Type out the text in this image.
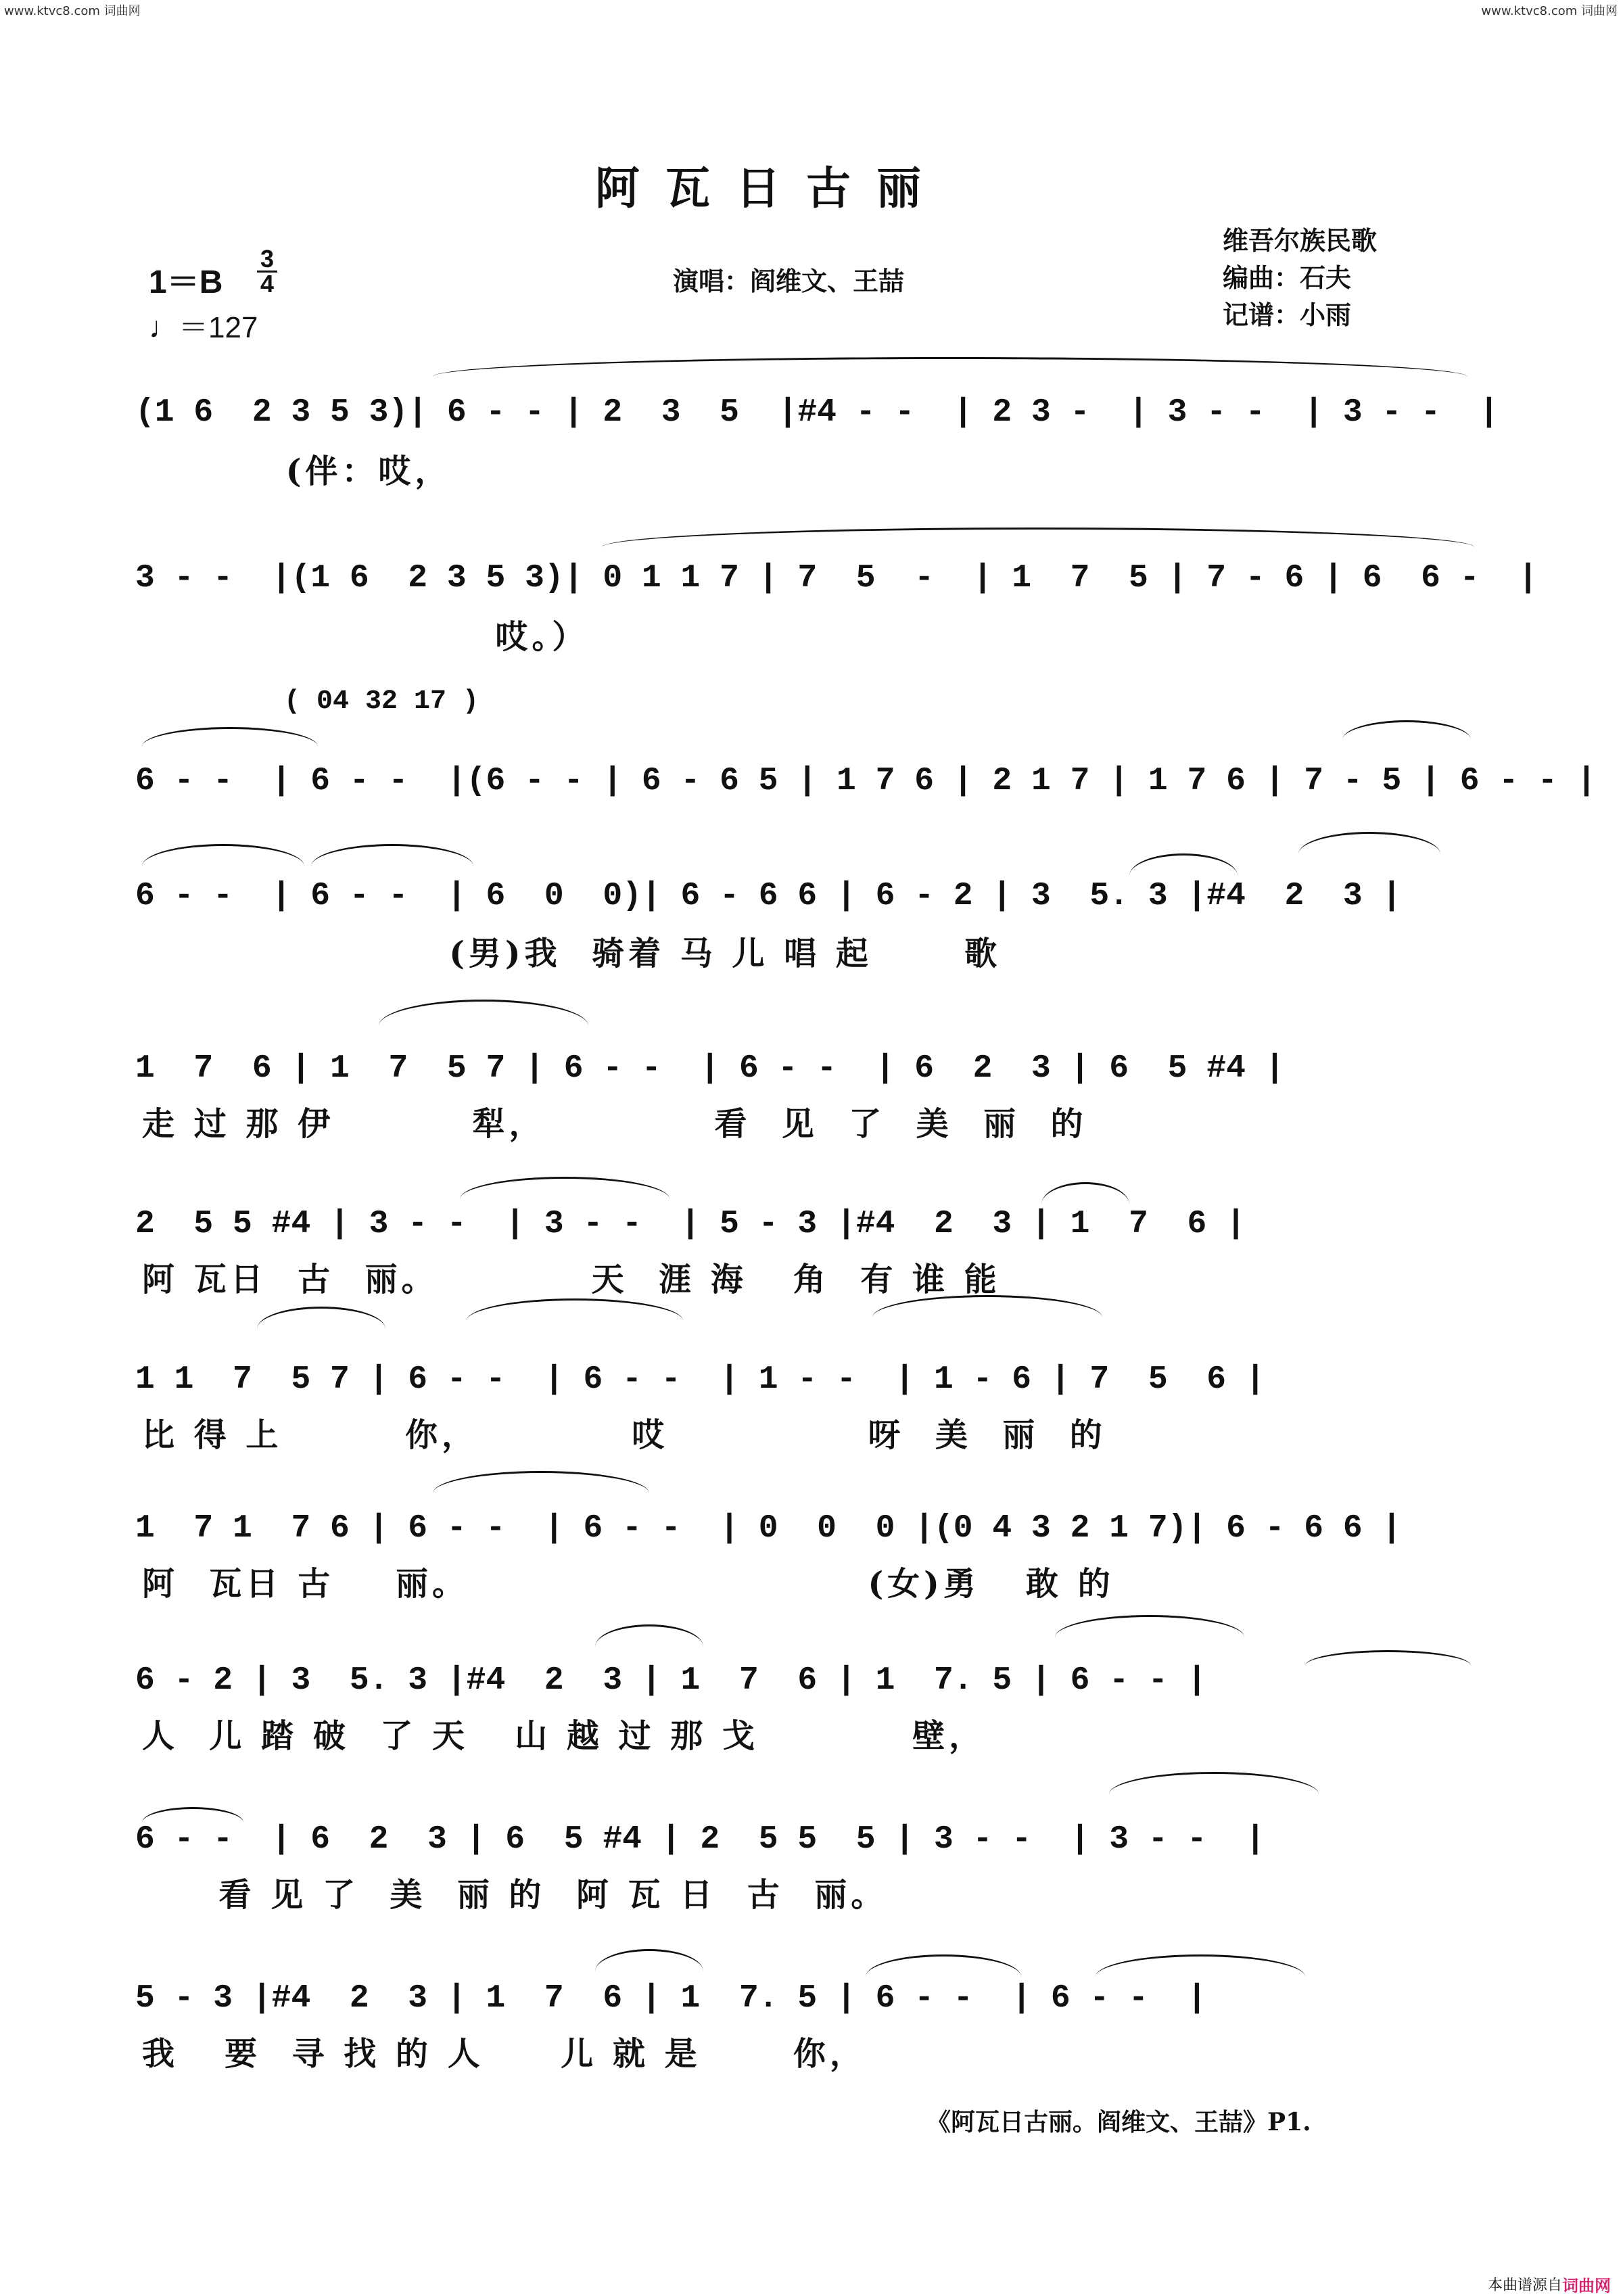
www.ktvc8.com 词曲网	www.ktvc8.com 词曲网
阿瓦日古丽
维吾尔族民歌
编曲：石夫
记谱：小雨
演唱：阎维文、王喆
1＝B
3
4
♩＝127
(1 6  2 3 5 3)| 6 - - | 2  3  5  |#4 - -  | 2 3 -  | 3 - -  | 3 - -  |
(伴：哎，
3 - -  |(1 6  2 3 5 3)| 0 1 1 7 | 7  5  -  | 1  7  5 | 7 - 6 | 6  6 -  |
哎。）
( 04 32 17 )
6 - -  | 6 - -  |(6 - - | 6 - 6 5 | 1 7 6 | 2 1 7 | 1 7 6 | 7 - 5 | 6 - - |
6 - -  | 6 - -  | 6  0  0)| 6 - 6 6 | 6 - 2 | 3  5. 3 |#4  2  3 |
(男)我  骑着 马 儿 唱 起      歌
1  7  6 | 1  7  5 7 | 6 - -  | 6 - -  | 6  2  3 | 6  5 #4 |
走 过 那 伊         犁，           看  见  了  美  丽  的
2  5 5 #4 | 3 - -  | 3 - -  | 5 - 3 |#4  2  3 | 1  7  6 |
阿 瓦日  古  丽。          天  涯 海   角  有 谁 能
1 1  7  5 7 | 6 - -  | 6 - -  | 1 - -  | 1 - 6 | 7  5  6 |
比 得 上        你，          哎             呀  美  丽  的
1  7 1  7 6 | 6 - -  | 6 - -  | 0  0  0 |(0 4 3 2 1 7)| 6 - 6 6 |
阿  瓦日 古    丽。                          (女)勇   敢 的
6 - 2 | 3  5. 3 |#4  2  3 | 1  7  6 | 1  7. 5 | 6 - - |
人  儿 踏 破  了 天   山 越 过 那 戈          壁，
6 - -  | 6  2  3 | 6  5 #4 | 2  5 5  5 | 3 - -  | 3 - -  |
看 见 了  美  丽 的  阿 瓦 日  古  丽。
5 - 3 |#4  2  3 | 1  7  6 | 1  7. 5 | 6 - -  | 6 - -  |
我   要  寻 找 的 人     儿 就 是      你，
《阿瓦日古丽。阎维文、王喆》P1.
本曲谱源自 词曲网
